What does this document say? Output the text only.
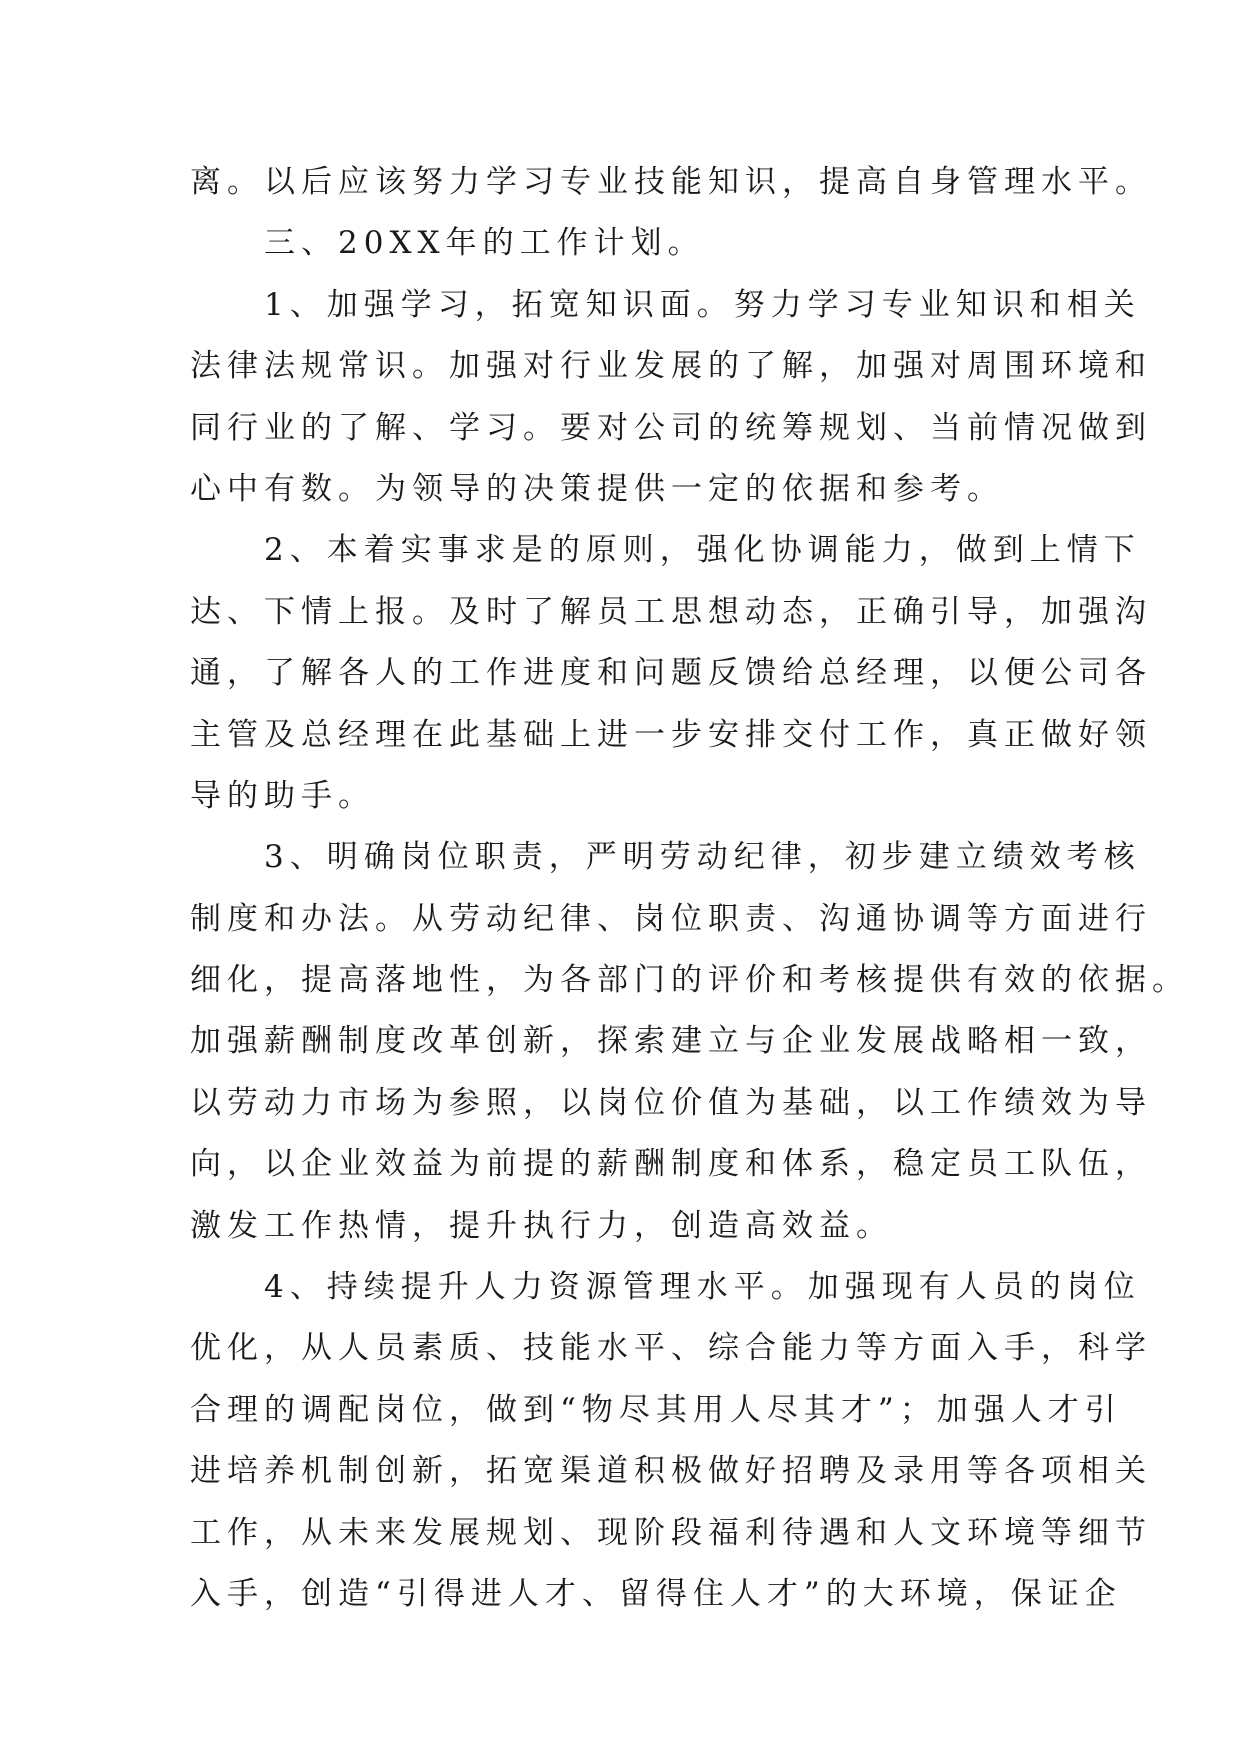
离。以后应该努力学习专业技能知识，提高自身管理水平。
三、20XX年的工作计划。
1、加强学习，拓宽知识面。努力学习专业知识和相关
法律法规常识。加强对行业发展的了解，加强对周围环境和
同行业的了解、学习。要对公司的统筹规划、当前情况做到
心中有数。为领导的决策提供一定的依据和参考。
2、本着实事求是的原则，强化协调能力，做到上情下
达、下情上报。及时了解员工思想动态，正确引导，加强沟
通，了解各人的工作进度和问题反馈给总经理，以便公司各
主管及总经理在此基础上进一步安排交付工作，真正做好领
导的助手。
3、明确岗位职责，严明劳动纪律，初步建立绩效考核
制度和办法。从劳动纪律、岗位职责、沟通协调等方面进行
细化，提高落地性，为各部门的评价和考核提供有效的依据。
加强薪酬制度改革创新，探索建立与企业发展战略相一致，
以劳动力市场为参照，以岗位价值为基础，以工作绩效为导
向，以企业效益为前提的薪酬制度和体系，稳定员工队伍，
激发工作热情，提升执行力，创造高效益。
4、持续提升人力资源管理水平。加强现有人员的岗位
优化，从人员素质、技能水平、综合能力等方面入手，科学
合理的调配岗位，做到“物尽其用人尽其才”；加强人才引
进培养机制创新，拓宽渠道积极做好招聘及录用等各项相关
工作，从未来发展规划、现阶段福利待遇和人文环境等细节
入手，创造“引得进人才、留得住人才”的大环境，保证企
